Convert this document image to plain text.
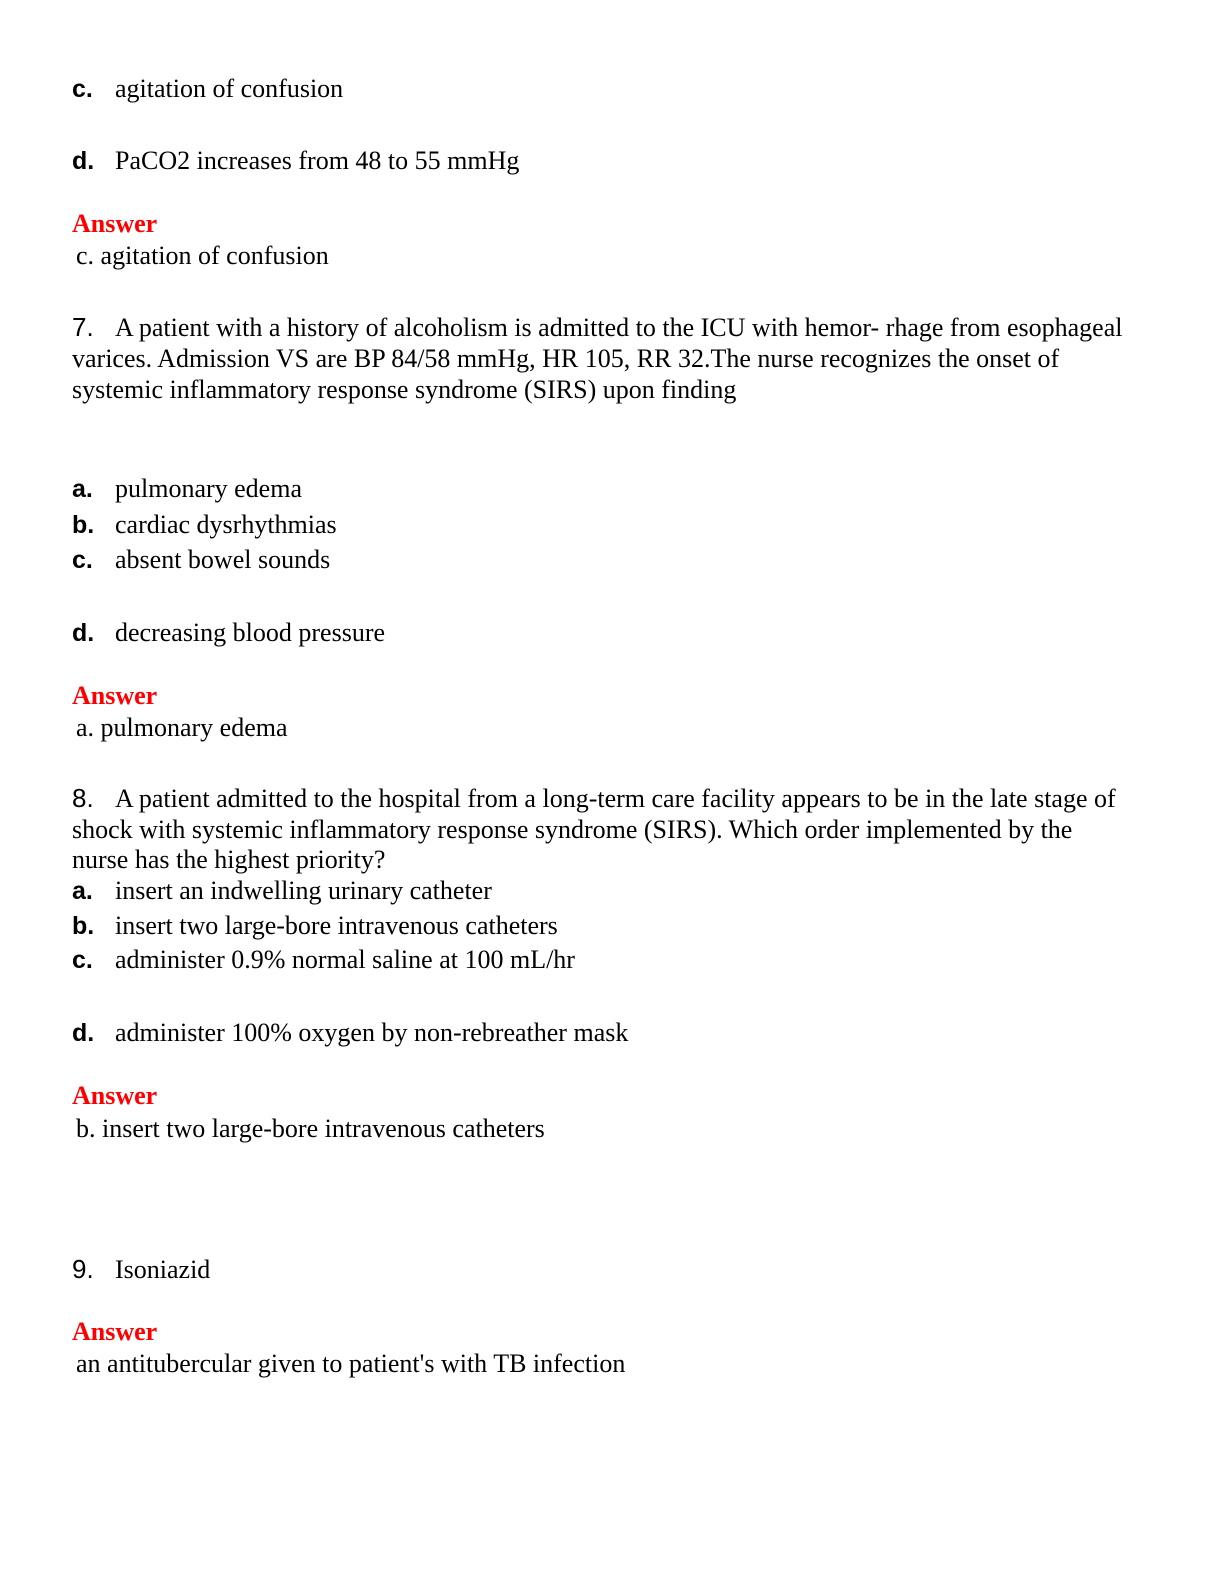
c. agitation of confusion
d. PaCO2 increases from 48 to 55 mmHg
Answer
c. agitation of confusion
7. A patient with a history of alcoholism is admitted to the ICU with hemor- rhage from esophageal varices. Admission VS are BP 84/58 mmHg, HR 105, RR 32.The nurse recognizes the onset of systemic inflammatory response syndrome (SIRS) upon finding
a. pulmonary edema
b. cardiac dysrhythmias
c. absent bowel sounds
d. decreasing blood pressure
Answer
a. pulmonary edema
8. A patient admitted to the hospital from a long-term care facility appears to be in the late stage of shock with systemic inflammatory response syndrome (SIRS). Which order implemented by the nurse has the highest priority?
a. insert an indwelling urinary catheter
b. insert two large-bore intravenous catheters
c. administer 0.9% normal saline at 100 mL/hr
d. administer 100% oxygen by non-rebreather mask
Answer
b. insert two large-bore intravenous catheters
9. Isoniazid
Answer
an antitubercular given to patient's with TB infection
